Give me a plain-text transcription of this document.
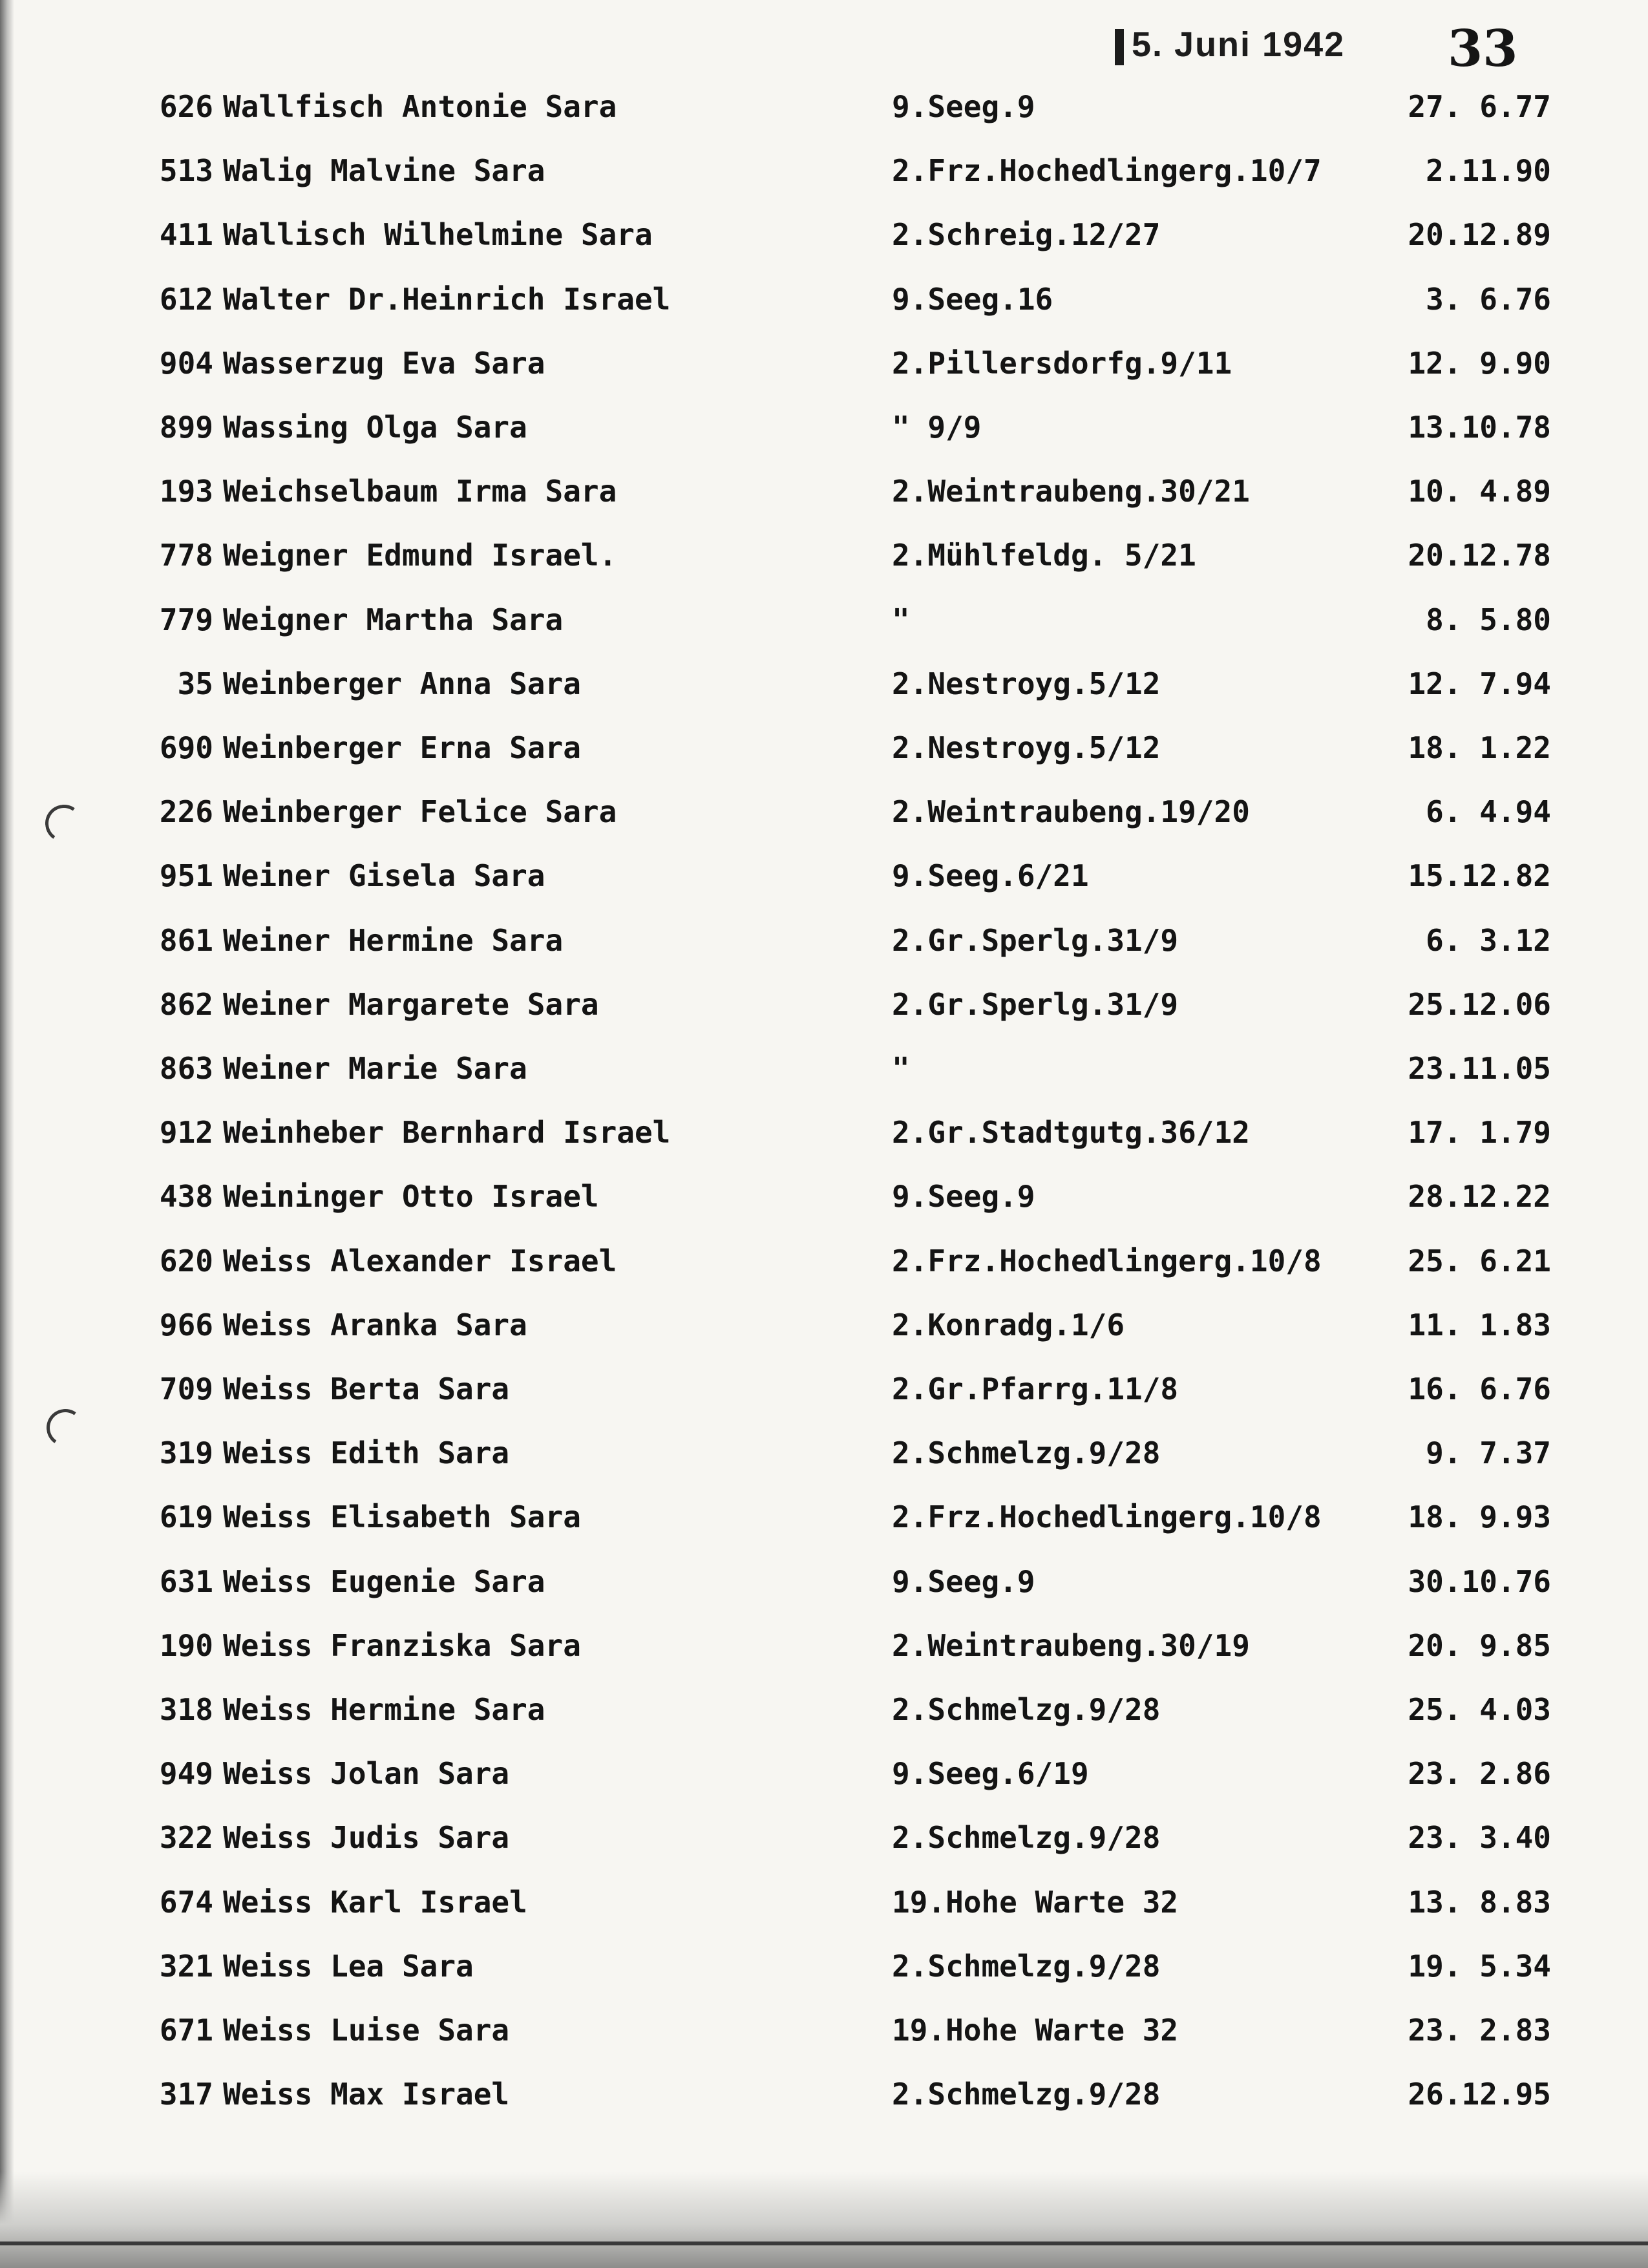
5. Juni 1942 33
626 Wallfisch Antonie Sara	9.Seeg.9	27. 6.77
513 Walig Malvine Sara	2.Frz.Hochedlingerg.10/7	2.11.90
411 Wallisch Wilhelmine Sara	2.Schreig.12/27	20.12.89
612 Walter Dr.Heinrich Israel	9.Seeg.16	3. 6.76
904 Wasserzug Eva Sara	2.Pillersdorfg.9/11	12. 9.90
899 Wassing Olga Sara	" 9/9	13.10.78
193 Weichselbaum Irma Sara	2.Weintraubeng.30/21	10. 4.89
778 Weigner Edmund Israel.	2.Mühlfeldg. 5/21	20.12.78
779 Weigner Martha Sara	"	8. 5.80
35 Weinberger Anna Sara	2.Nestroyg.5/12	12. 7.94
690 Weinberger Erna Sara	2.Nestroyg.5/12	18. 1.22
226 Weinberger Felice Sara	2.Weintraubeng.19/20	6. 4.94
951 Weiner Gisela Sara	9.Seeg.6/21	15.12.82
861 Weiner Hermine Sara	2.Gr.Sperlg.31/9	6. 3.12
862 Weiner Margarete Sara	2.Gr.Sperlg.31/9	25.12.06
863 Weiner Marie Sara	"	23.11.05
912 Weinheber Bernhard Israel	2.Gr.Stadtgutg.36/12	17. 1.79
438 Weininger Otto Israel	9.Seeg.9	28.12.22
620 Weiss Alexander Israel	2.Frz.Hochedlingerg.10/8	25. 6.21
966 Weiss Aranka Sara	2.Konradg.1/6	11. 1.83
709 Weiss Berta Sara	2.Gr.Pfarrg.11/8	16. 6.76
319 Weiss Edith Sara	2.Schmelzg.9/28	9. 7.37
619 Weiss Elisabeth Sara	2.Frz.Hochedlingerg.10/8	18. 9.93
631 Weiss Eugenie Sara	9.Seeg.9	30.10.76
190 Weiss Franziska Sara	2.Weintraubeng.30/19	20. 9.85
318 Weiss Hermine Sara	2.Schmelzg.9/28	25. 4.03
949 Weiss Jolan Sara	9.Seeg.6/19	23. 2.86
322 Weiss Judis Sara	2.Schmelzg.9/28	23. 3.40
674 Weiss Karl Israel	19.Hohe Warte 32	13. 8.83
321 Weiss Lea Sara	2.Schmelzg.9/28	19. 5.34
671 Weiss Luise Sara	19.Hohe Warte 32	23. 2.83
317 Weiss Max Israel	2.Schmelzg.9/28	26.12.95
